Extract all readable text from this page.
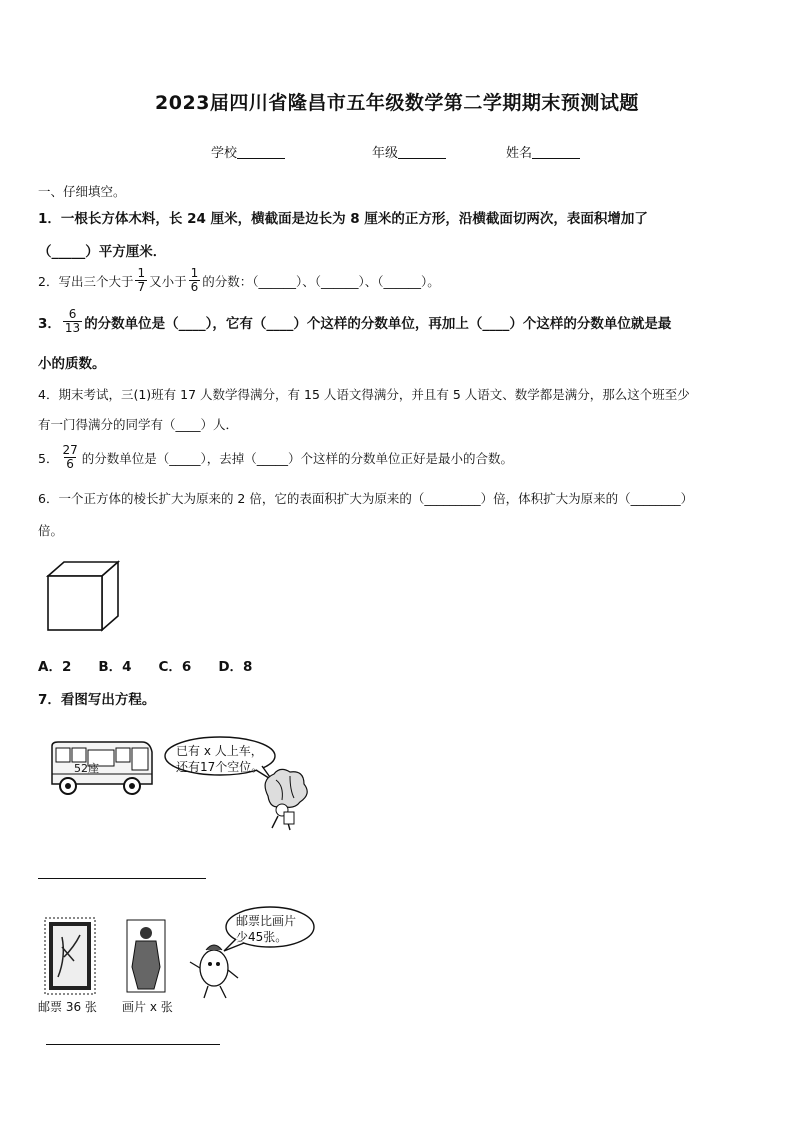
2023届四川省隆昌市五年级数学第二学期期末预测试题
学校	年级	姓名
一、仔细填空。
1．一根长方体木料，长 24 厘米，横截面是边长为 8 厘米的正方形，沿横截面切两次，表面积增加了
（_____）平方厘米．
2．写出三个大于 $\frac{1}{7}$ 又小于 $\frac{1}{6}$ 的分数：（______）、（______）、（______）。
3． $\frac{6}{13}$ 的分数单位是（____），它有（____）个这样的分数单位，再加上（____）个这样的分数单位就是最
小的质数。
4．期末考试，三(1)班有 17 人数学得满分，有 15 人语文得满分，并且有 5 人语文、数学都是满分，那么这个班至少
有一门得满分的同学有（____）人．
5． $\frac{27}{6}$ 的分数单位是（_____），去掉（_____）个这样的分数单位正好是最小的合数。
6．一个正方体的棱长扩大为原来的 2 倍，它的表面积扩大为原来的（_________）倍，体积扩大为原来的（________）
倍。
A．2　　B．4　　C．6　　D．8
7．看图写出方程。
52座
已有 x 人上车，
还有17个空位。
邮票比画片
少45张。
邮票 36 张 画片 x 张
